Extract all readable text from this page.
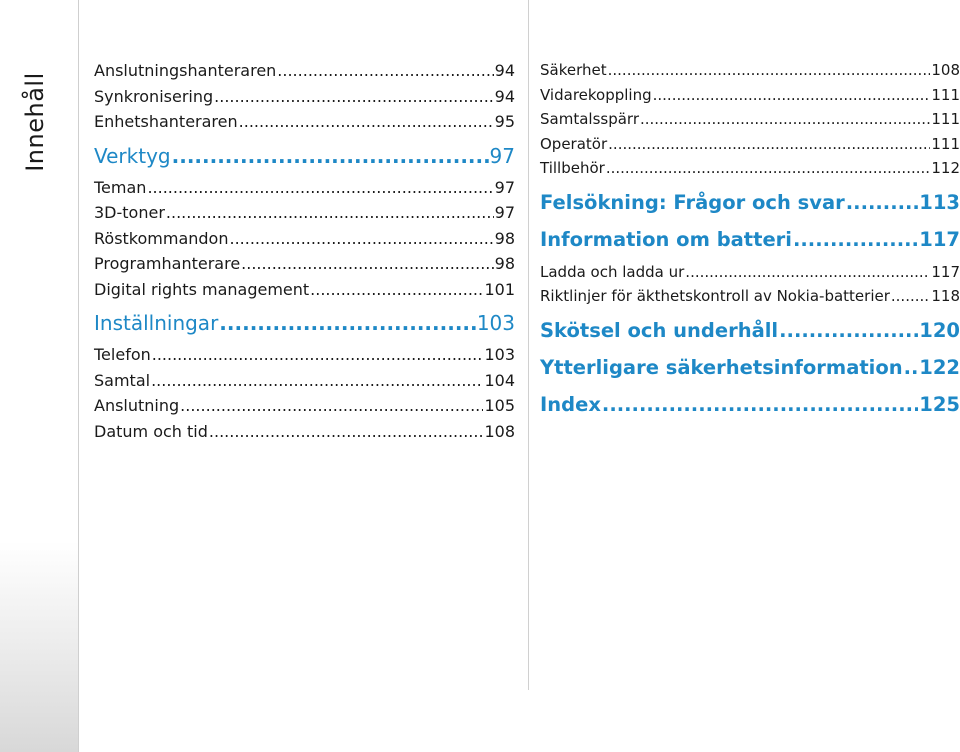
Innehåll
Anslutningshanteraren .....	94
Synkronisering .....	94
Enhetshanteraren .....	95
Verktyg .....	97
Teman .....	97
3D-toner .....	97
Röstkommandon .....	98
Programhanterare .....	98
Digital rights management .....	101
Inställningar .....	103
Telefon .....	103
Samtal .....	104
Anslutning .....	105
Datum och tid .....	108
Säkerhet .....	108
Vidarekoppling .....	111
Samtalsspärr .....	111
Operatör .....	111
Tillbehör .....	112
Felsökning: Frågor och svar .....	113
Information om batteri .....	117
Ladda och ladda ur .....	117
Riktlinjer för äkthetskontroll av Nokia-batterier .....	118
Skötsel och underhåll .....	120
Ytterligare säkerhetsinformation ..... 122
Index .....	125
